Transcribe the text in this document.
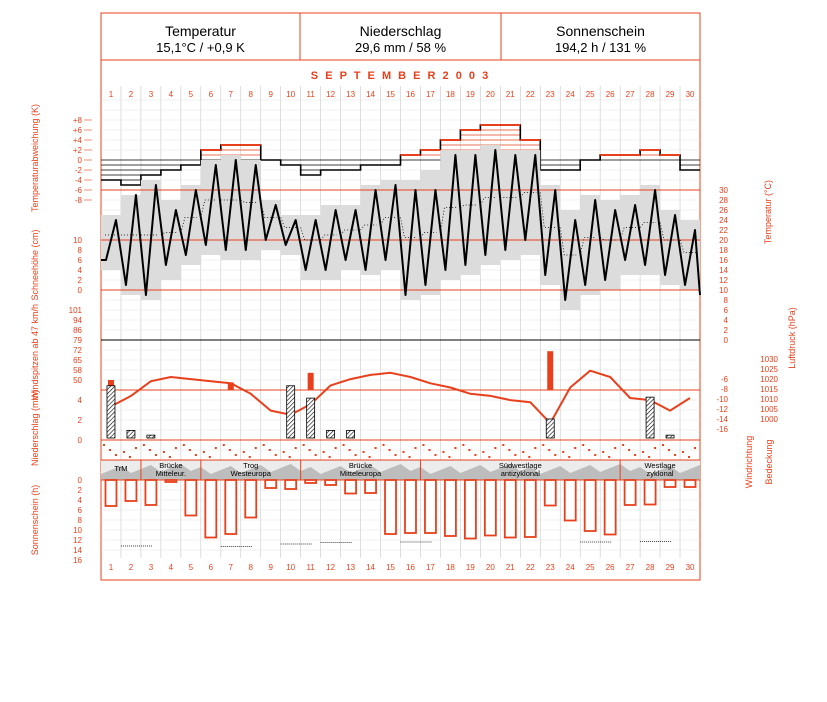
Temperatur
15,1°C / +0,9 K
Niederschlag
29,6 mm / 58 %
Sonnenschein
194,2 h / 131 %
S E P T E M B E R 2 0 0 3
1
1
2
2
3
3
4
4
5
5
6
6
7
7
8
8
9
9
10
10
11
11
12
12
13
13
14
14
15
15
16
16
17
17
18
18
19
19
20
20
21
21
22
22
23
23
24
24
25
25
26
26
27
27
28
28
29
29
30
30
+8
+6
+4
+2
0
-2
-4
-6
-8
30
28
26
24
22
20
18
16
14
12
10
8
6
4
2
0
10
8
6
4
2
0
1030
1025
1020
1015
1010
1005
1000
101
94
86
79
72
65
58
50
4
2
0
-8
-10
-12
-14
-16
-6
TrM	Brücke
Mitteleur.
Trog
Westeuropa
Brücke
Mitteleuropa
Südwestlage
antizyklonal
Westlage
zyklonal
0
2
4
6
8
10
12
14
16
Temperaturabweichung (K)
Schneehöhe (cm)
Windspitzen ab 47 km/h
Niederschlag (mm)
Sonnenschein (h)
Temperatur (°C)
Luftdruck (hPa)
Windrichtung Bedeckung
